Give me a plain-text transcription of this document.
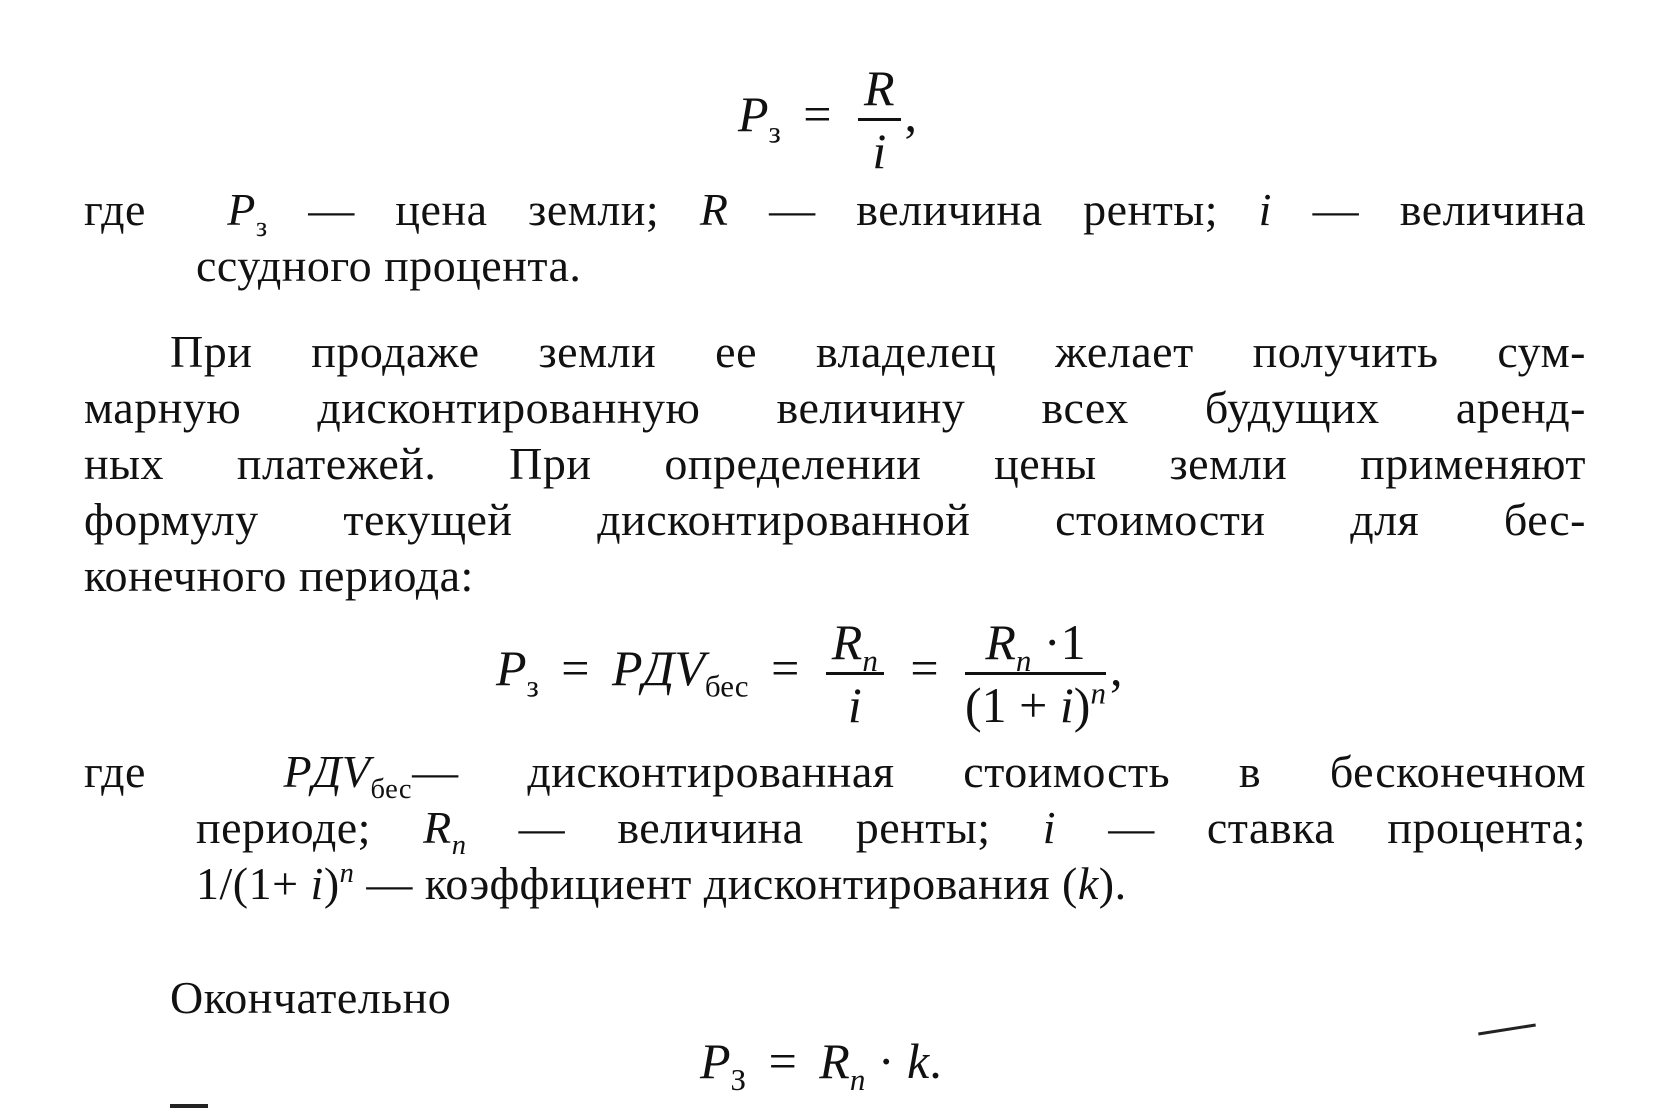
$P_з = \frac{R}{i}$ ,
где $P_з$ — цена земли; R — величина ренты; i — величина
ссудного процента.
При продаже земли ее владелец желает получить сум-
марную дисконтированную величину всех будущих аренд-
ных платежей. При определении цены земли применяют
формулу текущей дисконтированной стоимости для бес-
конечного периода:
$P_з = PДV_{бес} = \frac{R_n}{i} = \frac{R_n \cdot 1}{(1 + i)^n}$ ,
где	$PДV_{бес}—$ дисконтированная стоимость в бесконечном
периоде; $R_n$ — величина ренты; i — ставка процента;
$1/(1+ i)^n$ — коэффициент дисконтирования (k).
Окончательно
$P_З = R_n \cdot k$.
